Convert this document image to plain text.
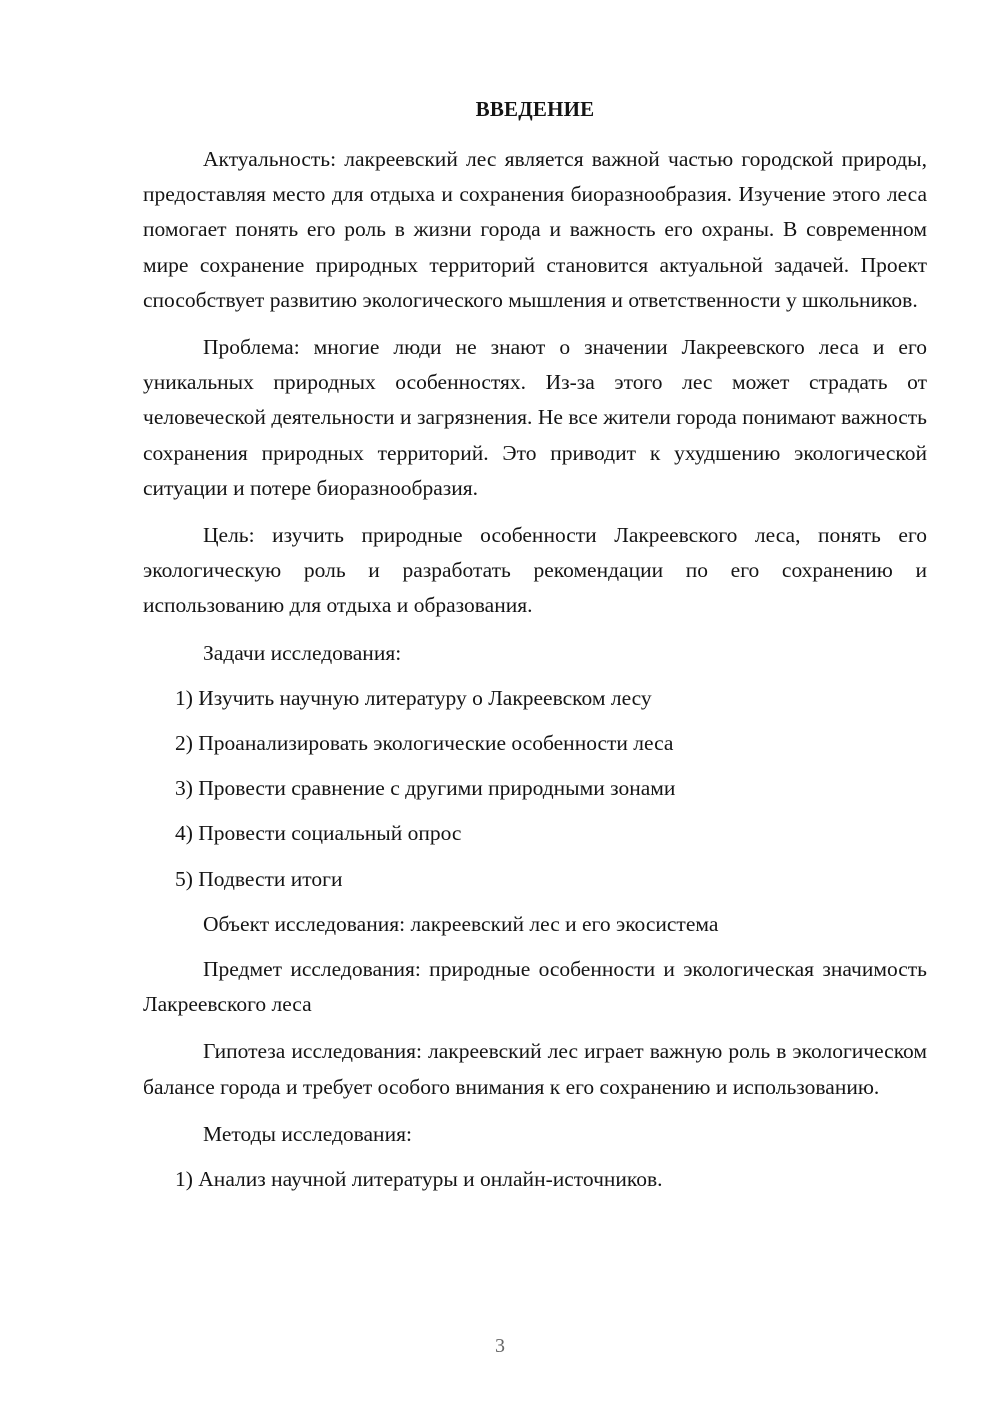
ВВЕДЕНИЕ

Актуальность: лакреевский лес является важной частью городской природы, предоставляя место для отдыха и сохранения биоразнообразия. Изучение этого леса помогает понять его роль в жизни города и важность его охраны. В современном мире сохранение природных территорий становится актуальной задачей. Проект способствует развитию экологического мышления и ответственности у школьников.

Проблема: многие люди не знают о значении Лакреевского леса и его уникальных природных особенностях. Из-за этого лес может страдать от человеческой деятельности и загрязнения. Не все жители города понимают важность сохранения природных территорий. Это приводит к ухудшению экологической ситуации и потере биоразнообразия.

Цель: изучить природные особенности Лакреевского леса, понять его экологическую роль и разработать рекомендации по его сохранению и использованию для отдыха и образования.

Задачи исследования:

1) Изучить научную литературу о Лакреевском лесу
2) Проанализировать экологические особенности леса
3) Провести сравнение с другими природными зонами
4) Провести социальный опрос
5) Подвести итоги

Объект исследования: лакреевский лес и его экосистема

Предмет исследования: природные особенности и экологическая значимость Лакреевского леса

Гипотеза исследования: лакреевский лес играет важную роль в экологическом балансе города и требует особого внимания к его сохранению и использованию.

Методы исследования:

1) Анализ научной литературы и онлайн-источников.
3
